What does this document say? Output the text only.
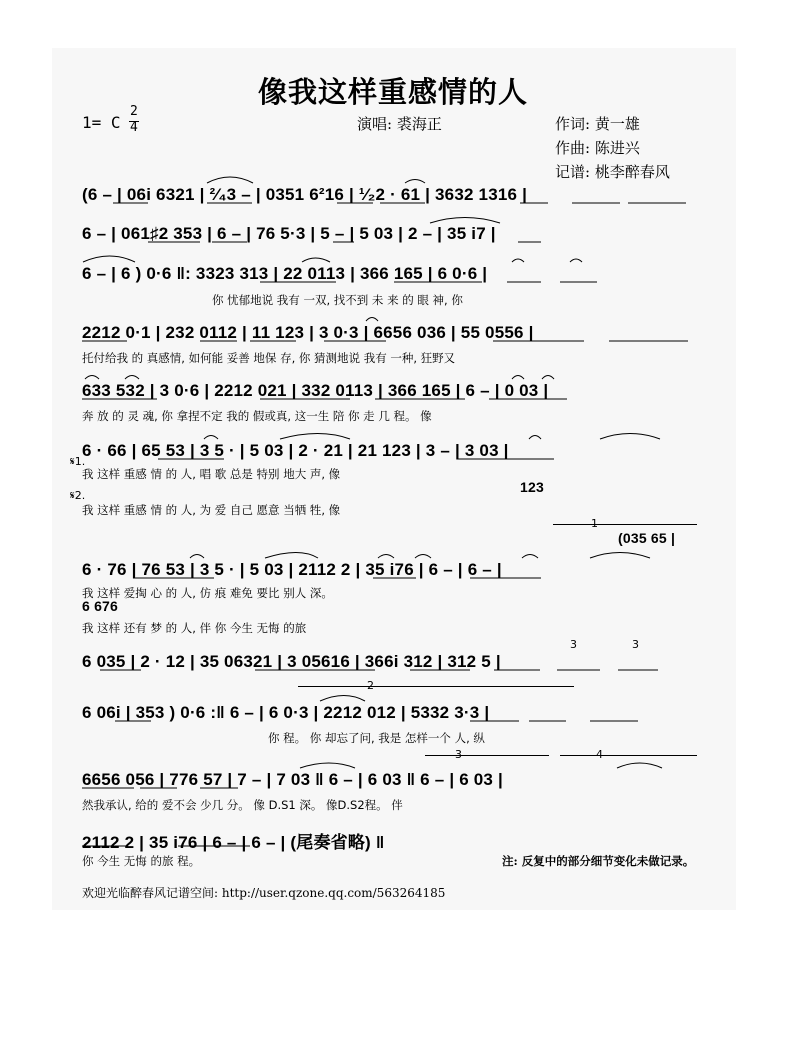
像我这样重感情的人
1= C
2
4	演唱: 裘海正	作词: 黄一雄
作曲: 陈进兴
记谱: 桃李醉春风
(6 – | 06i 6321 | ²⁄₄3 – | 0351 6²16 | ¹⁄₂2 · 61 | 3632 1316 |
6 – | 061♯2 353 | 6 – | 76 5·3 | 5 – | 5 03 | 2 – | 35 i7 |
6 – | 6 ) 0·6 ‖: 3323 313 | 22 0113 | 366 165 | 6 0·6 |
你 忧郁地说 我有 一双, 找不到 未 来 的 眼 神, 你
2212 0·1 | 232 0112 | 11 123 | 3 0·3 | 6656 036 | 55 0556 |
托付给我 的 真感情, 如何能 妥善 地保 存, 你 猜测地说 我有 一种, 狂野又
633 532 | 3 0·6 | 2212 021 | 332 0113 | 366 165 | 6 – | 0 03 |
奔 放 的 灵 魂, 你 拿捏不定 我的 假或真, 这一生 陪 你 走 几 程。 像
6 · 66 | 65 53 | 3 5 · | 5 03 | 2 · 21 | 21 123 | 3 – | 3 03 |
𝄋1.
我 这样 重感 情 的 人, 唱 歌 总是 特别 地大 声, 像
123
𝄋2.
我 这样 重感 情 的 人, 为 爱 自己 愿意 当牺 牲, 像
1
(035 65 |
6 · 76 | 76 53 | 3 5 · | 5 03 | 2112 2 | 35 i76 | 6 – | 6 – |
我 这样 爱掏 心 的 人, 仿 痕 难免 要比 别人 深。
6 676
我 这样 还有 梦 的 人, 伴 你 今生 无悔 的旅
6 035 | 2 · 12 | 35 06321 | 3 05616 | 366i 312 | 312 5 |
3	3
2
6 06i | 353 ) 0·6 :‖ 6 – | 6 0·3 | 2212 012 | 5332 3·3 |
你 程。 你 却忘了问, 我是 怎样一个 人, 纵
3	4
6656 056 | 776 57 | 7 – | 7 03 ‖ 6 – | 6 03 ‖ 6 – | 6 03 |
然我承认, 给的 爱不会 少几 分。 像 D.S1 深。 像D.S2程。 伴
2112 2 | 35 i76 | 6 – | 6 – | (尾奏省略) ‖
你 今生 无悔 的旅 程。	注: 反复中的部分细节变化未做记录。
欢迎光临醉春风记谱空间: http://user.qzone.qq.com/563264185
